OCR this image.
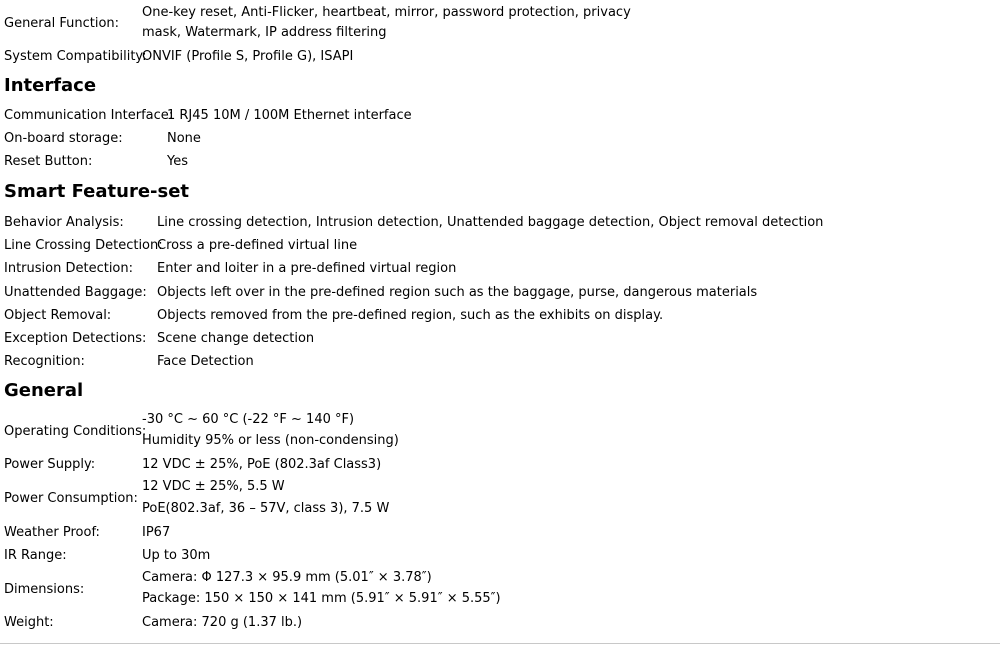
General Function:
One-key reset, Anti-Flicker, heartbeat, mirror, password protection, privacy
mask, Watermark, IP address filtering
System Compatibility:
ONVIF (Profile S, Profile G), ISAPI
Interface
Communication Interface:
1 RJ45 10M / 100M Ethernet interface
On-board storage:	None
Reset Button:	Yes
Smart Feature-set
Behavior Analysis:	Line crossing detection, Intrusion detection, Unattended baggage detection, Object removal detection
Line Crossing Detection:
Cross a pre-defined virtual line
Intrusion Detection: Enter and loiter in a pre-defined virtual region
Unattended Baggage: Objects left over in the pre-defined region such as the baggage, purse, dangerous materials
Object Removal:	Objects removed from the pre-defined region, such as the exhibits on display.
Exception Detections: Scene change detection
Recognition:	Face Detection
General
Operating Conditions:
-30 °C ~ 60 °C (-22 °F ~ 140 °F)
Humidity 95% or less (non-condensing)
Power Supply:	12 VDC ± 25%, PoE (802.3af Class3)
Power Consumption:
12 VDC ± 25%, 5.5 W
PoE(802.3af, 36 – 57V, class 3), 7.5 W
Weather Proof:	IP67
IR Range:	Up to 30m
Dimensions:
Camera: Φ 127.3 × 95.9 mm (5.01″ × 3.78″)
Package: 150 × 150 × 141 mm (5.91″ × 5.91″ × 5.55″)
Weight:	Camera: 720 g (1.37 lb.)
